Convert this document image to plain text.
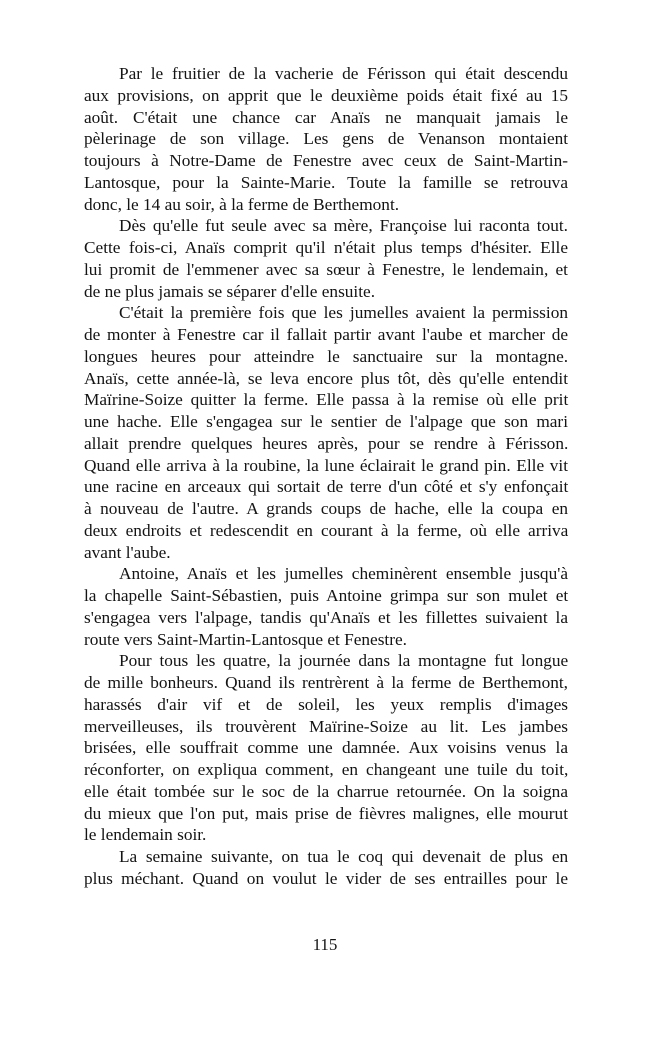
Par le fruitier de la vacherie de Férisson qui était descendu
aux provisions, on apprit que le deuxième poids était fixé au 15
août. C'était une chance car Anaïs ne manquait jamais le
pèlerinage de son village. Les gens de Venanson montaient
toujours à Notre-Dame de Fenestre avec ceux de Saint-Martin-
Lantosque, pour la Sainte-Marie. Toute la famille se retrouva
donc, le 14 au soir, à la ferme de Berthemont.
Dès qu'elle fut seule avec sa mère, Françoise lui raconta tout.
Cette fois-ci, Anaïs comprit qu'il n'était plus temps d'hésiter. Elle
lui promit de l'emmener avec sa sœur à Fenestre, le lendemain, et
de ne plus jamais se séparer d'elle ensuite.
C'était la première fois que les jumelles avaient la permission
de monter à Fenestre car il fallait partir avant l'aube et marcher de
longues heures pour atteindre le sanctuaire sur la montagne.
Anaïs, cette année-là, se leva encore plus tôt, dès qu'elle entendit
Maïrine-Soize quitter la ferme. Elle passa à la remise où elle prit
une hache. Elle s'engagea sur le sentier de l'alpage que son mari
allait prendre quelques heures après, pour se rendre à Férisson.
Quand elle arriva à la roubine, la lune éclairait le grand pin. Elle vit
une racine en arceaux qui sortait de terre d'un côté et s'y enfonçait
à nouveau de l'autre. A grands coups de hache, elle la coupa en
deux endroits et redescendit en courant à la ferme, où elle arriva
avant l'aube.
Antoine, Anaïs et les jumelles cheminèrent ensemble jusqu'à
la chapelle Saint-Sébastien, puis Antoine grimpa sur son mulet et
s'engagea vers l'alpage, tandis qu'Anaïs et les fillettes suivaient la
route vers Saint-Martin-Lantosque et Fenestre.
Pour tous les quatre, la journée dans la montagne fut longue
de mille bonheurs. Quand ils rentrèrent à la ferme de Berthemont,
harassés d'air vif et de soleil, les yeux remplis d'images
merveilleuses, ils trouvèrent Maïrine-Soize au lit. Les jambes
brisées, elle souffrait comme une damnée. Aux voisins venus la
réconforter, on expliqua comment, en changeant une tuile du toit,
elle était tombée sur le soc de la charrue retournée. On la soigna
du mieux que l'on put, mais prise de fièvres malignes, elle mourut
le lendemain soir.
La semaine suivante, on tua le coq qui devenait de plus en
plus méchant. Quand on voulut le vider de ses entrailles pour le
115
